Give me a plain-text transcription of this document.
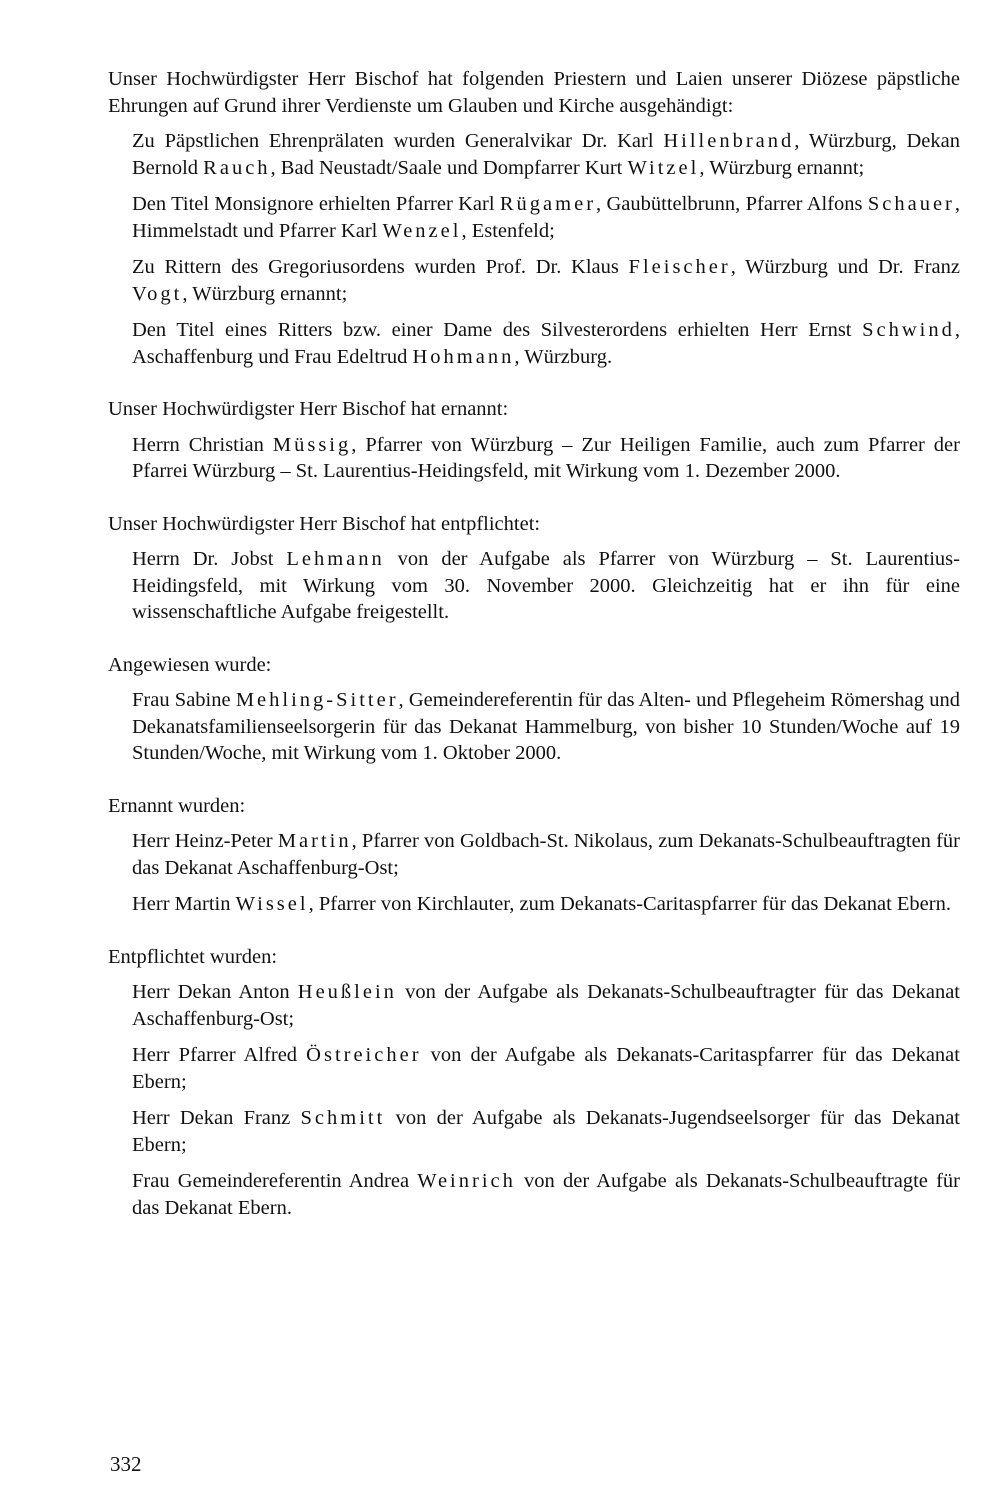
Unser Hochwürdigster Herr Bischof hat folgenden Priestern und Laien unserer Diözese päpstliche Ehrungen auf Grund ihrer Verdienste um Glauben und Kirche ausgehändigt:

Zu Päpstlichen Ehrenprälaten wurden Generalvikar Dr. Karl Hillenbrand, Würzburg, Dekan Bernold Rauch, Bad Neustadt/Saale und Dompfarrer Kurt Witzel, Würzburg ernannt;

Den Titel Monsignore erhielten Pfarrer Karl Rügamer, Gaubüttelbrunn, Pfarrer Alfons Schauer, Himmelstadt und Pfarrer Karl Wenzel, Estenfeld;

Zu Rittern des Gregoriusordens wurden Prof. Dr. Klaus Fleischer, Würzburg und Dr. Franz Vogt, Würzburg ernannt;

Den Titel eines Ritters bzw. einer Dame des Silvesterordens erhielten Herr Ernst Schwind, Aschaffenburg und Frau Edeltrud Hohmann, Würzburg.

Unser Hochwürdigster Herr Bischof hat ernannt:

Herrn Christian Müssig, Pfarrer von Würzburg – Zur Heiligen Familie, auch zum Pfarrer der Pfarrei Würzburg – St. Laurentius-Heidingsfeld, mit Wirkung vom 1. Dezember 2000.

Unser Hochwürdigster Herr Bischof hat entpflichtet:

Herrn Dr. Jobst Lehmann von der Aufgabe als Pfarrer von Würzburg – St. Laurentius-Heidingsfeld, mit Wirkung vom 30. November 2000. Gleichzeitig hat er ihn für eine wissenschaftliche Aufgabe freigestellt.

Angewiesen wurde:

Frau Sabine Mehling-Sitter, Gemeindereferentin für das Alten- und Pflegeheim Römershag und Dekanatsfamilienseelsorgerin für das Dekanat Hammelburg, von bisher 10 Stunden/Woche auf 19 Stunden/Woche, mit Wirkung vom 1. Oktober 2000.

Ernannt wurden:

Herr Heinz-Peter Martin, Pfarrer von Goldbach-St. Nikolaus, zum Dekanats-Schulbeauftragten für das Dekanat Aschaffenburg-Ost;

Herr Martin Wissel, Pfarrer von Kirchlauter, zum Dekanats-Caritaspfarrer für das Dekanat Ebern.

Entpflichtet wurden:

Herr Dekan Anton Heußlein von der Aufgabe als Dekanats-Schulbeauftragter für das Dekanat Aschaffenburg-Ost;

Herr Pfarrer Alfred Östreicher von der Aufgabe als Dekanats-Caritaspfarrer für das Dekanat Ebern;

Herr Dekan Franz Schmitt von der Aufgabe als Dekanats-Jugendseelsorger für das Dekanat Ebern;

Frau Gemeindereferentin Andrea Weinrich von der Aufgabe als Dekanats-Schulbeauftragte für das Dekanat Ebern.

332
